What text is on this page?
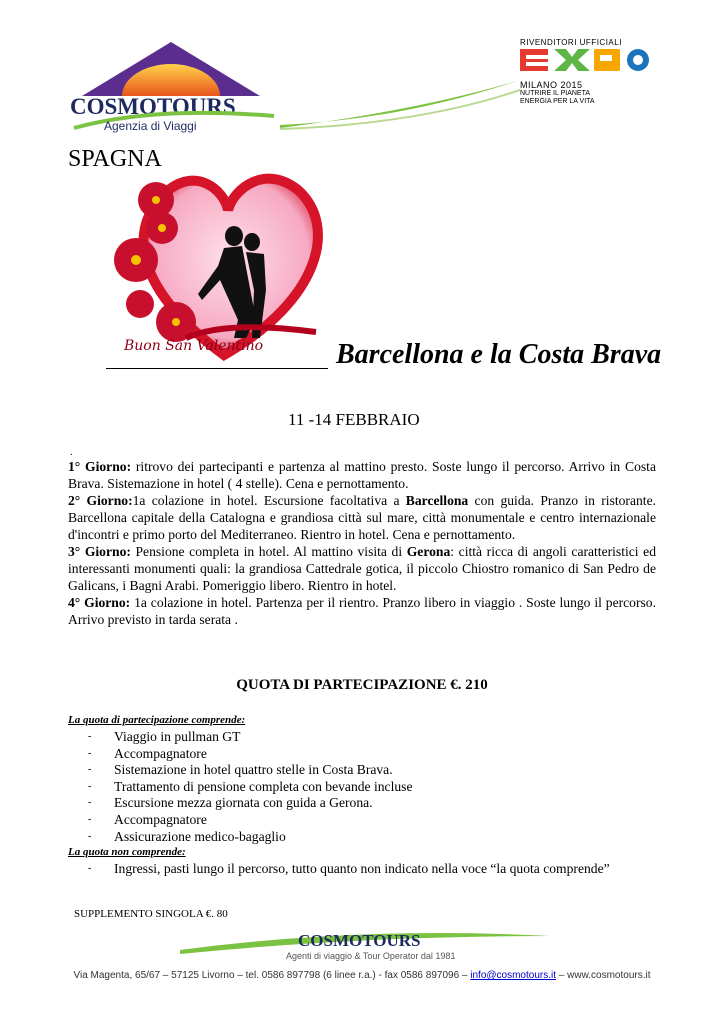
COSMOTOURS
Agenzia di Viaggi
RIVENDITORI UFFICIALI
EXPO
MILANO 2015
NUTRIRE IL PIANETA
ENERGIA PER LA VITA
SPAGNA
Buon San Valentino	Barcellona e la Costa Brava
11 -14 FEBBRAIO
.

1° Giorno: ritrovo dei partecipanti e partenza al mattino presto. Soste lungo il percorso. Arrivo in Costa Brava. Sistemazione in hotel ( 4 stelle). Cena e pernottamento.

2° Giorno:1a colazione in hotel. Escursione facoltativa a Barcellona con guida. Pranzo in ristorante. Barcellona capitale della Catalogna e grandiosa città sul mare, città monumentale e centro internazionale d'incontri e primo porto del Mediterraneo. Rientro in hotel. Cena e pernottamento.

3° Giorno: Pensione completa in hotel. Al mattino visita di Gerona: città ricca di angoli caratteristici ed interessanti monumenti quali: la grandiosa Cattedrale gotica, il piccolo Chiostro romanico di San Pedro de Galicans, i Bagni Arabi. Pomeriggio libero. Rientro in hotel.

4° Giorno: 1a colazione in hotel. Partenza per il rientro. Pranzo libero in viaggio . Soste lungo il percorso. Arrivo previsto in tarda serata .

QUOTA DI PARTECIPAZIONE €. 210
La quota di partecipazione comprende:
- Viaggio in pullman GT
- Accompagnatore
- Sistemazione in hotel quattro stelle in Costa Brava.
- Trattamento di pensione completa con bevande incluse
- Escursione mezza giornata con guida a Gerona.
- Accompagnatore
- Assicurazione medico-bagaglio
La quota non comprende:
- Ingressi, pasti lungo il percorso, tutto quanto non indicato nella voce “la quota comprende”
SUPPLEMENTO SINGOLA €. 80
COSMOTOURS
Agenti di viaggio & Tour Operator dal 1981
Via Magenta, 65/67 – 57125 Livorno – tel. 0586 897798 (6 linee r.a.) - fax 0586 897096 – info@cosmotours.it – www.cosmotours.it
